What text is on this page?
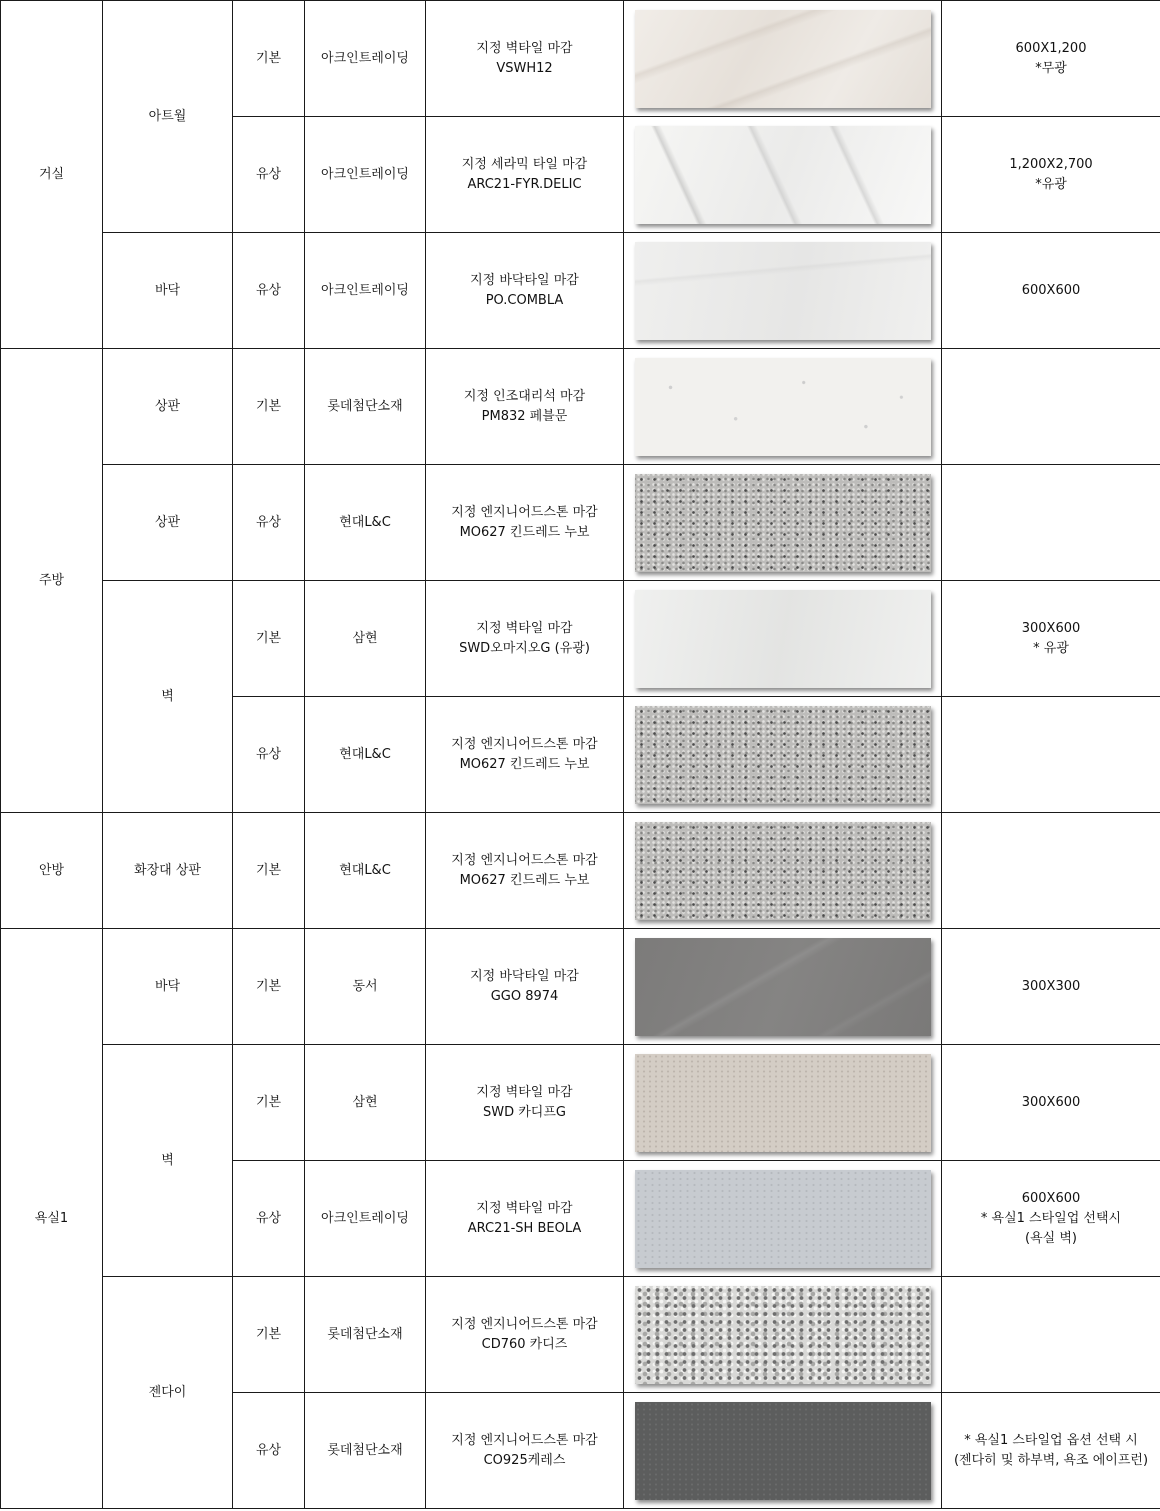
거실	아트월	기본	아크인트레이딩	지정 벽타일 마감
VSWH12		600X1,200
*무광

		유상	아크인트레이딩	지정 세라믹 타일 마감
ARC21-FYR.DELIC		1,200X2,700
*유광

	바닥	유상	아크인트레이딩	지정 바닥타일 마감
PO.COMBLA		600X600

주방	상판	기본	롯데첨단소재	지정 인조대리석 마감
PM832 페블문		

	상판	유상	현대L&C	지정 엔지니어드스톤 마감
MO627 킨드레드 누보		

	벽	기본	삼현	지정 벽타일 마감
SWD오마지오G (유광)		300X600
* 유광

		유상	현대L&C	지정 엔지니어드스톤 마감
MO627 킨드레드 누보		

안방	화장대 상판	기본	현대L&C	지정 엔지니어드스톤 마감
MO627 킨드레드 누보		

욕실1	바닥	기본	동서	지정 바닥타일 마감
GGO 8974		300X300

	벽	기본	삼현	지정 벽타일 마감
SWD 카디프G		300X600

		유상	아크인트레이딩	지정 벽타일 마감
ARC21-SH BEOLA		600X600
* 욕실1 스타일업 선택시
(욕실 벽)

	젠다이	기본	롯데첨단소재	지정 엔지니어드스톤 마감
CD760 카디즈		

		유상	롯데첨단소재	지정 엔지니어드스톤 마감
CO925케레스		* 욕실1 스타일업 옵션 선택 시
(젠다히 및 하부벽, 욕조 에이프런)
